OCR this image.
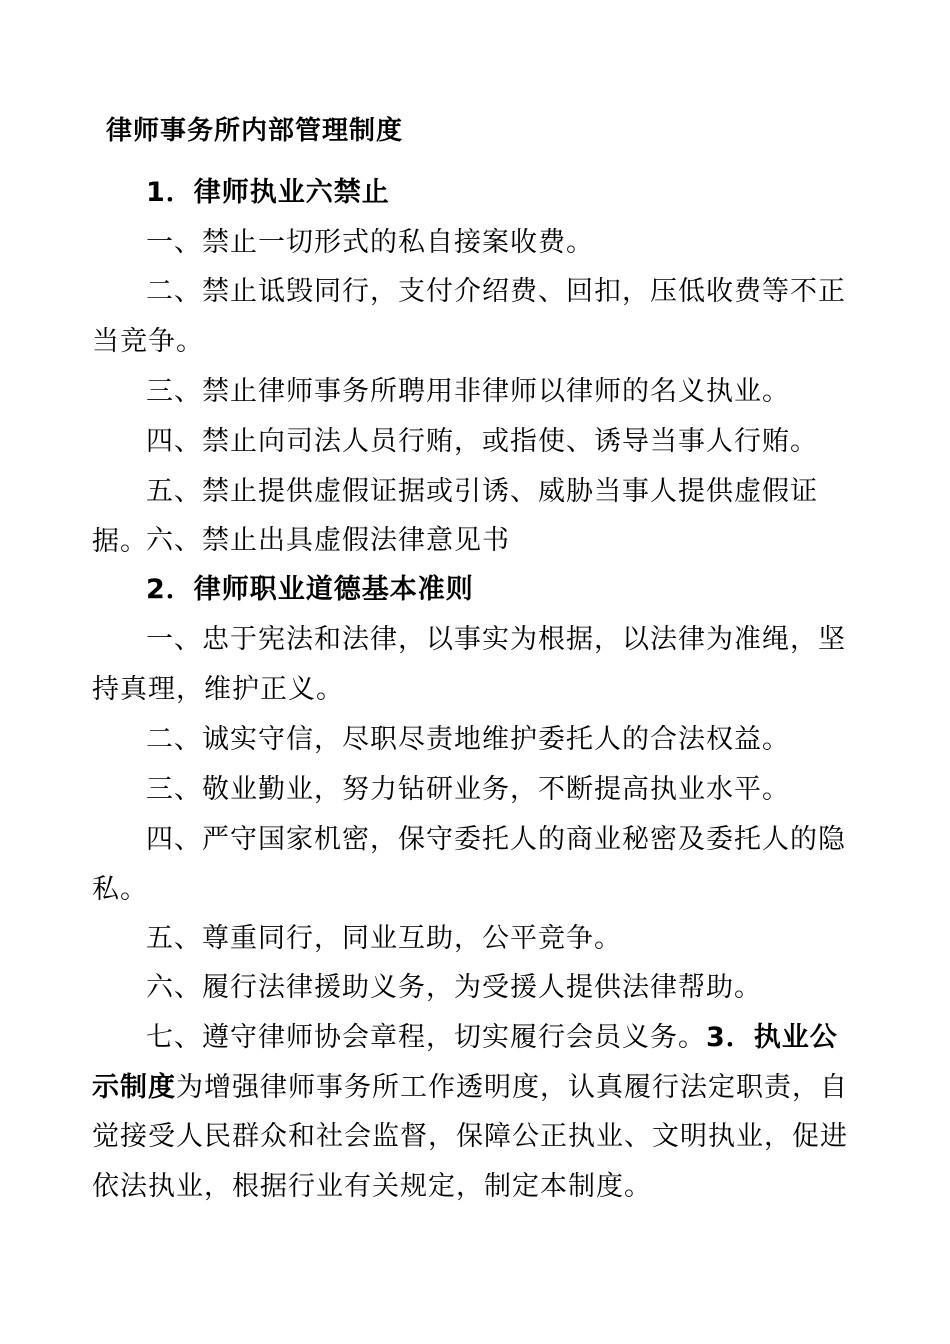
律师事务所内部管理制度

1．律师执业六禁止

一、禁止一切形式的私自接案收费。

二、禁止诋毁同行，支付介绍费、回扣，压低收费等不正当竞争。

三、禁止律师事务所聘用非律师以律师的名义执业。

四、禁止向司法人员行贿，或指使、诱导当事人行贿。

五、禁止提供虚假证据或引诱、威胁当事人提供虚假证据。

六、禁止出具虚假法律意见书

2．律师职业道德基本准则

一、忠于宪法和法律，以事实为根据，以法律为准绳，坚持真理，维护正义。

二、诚实守信，尽职尽责地维护委托人的合法权益。

三、敬业勤业，努力钻研业务，不断提高执业水平。

四、严守国家机密，保守委托人的商业秘密及委托人的隐私。

五、尊重同行，同业互助，公平竞争。

六、履行法律援助义务，为受援人提供法律帮助。

七、遵守律师协会章程，切实履行会员义务。3．执业公示制度为增强律师事务所工作透明度，认真履行法定职责，自觉接受人民群众和社会监督，保障公正执业、文明执业，促进依法执业，根据行业有关规定，制定本制度。
